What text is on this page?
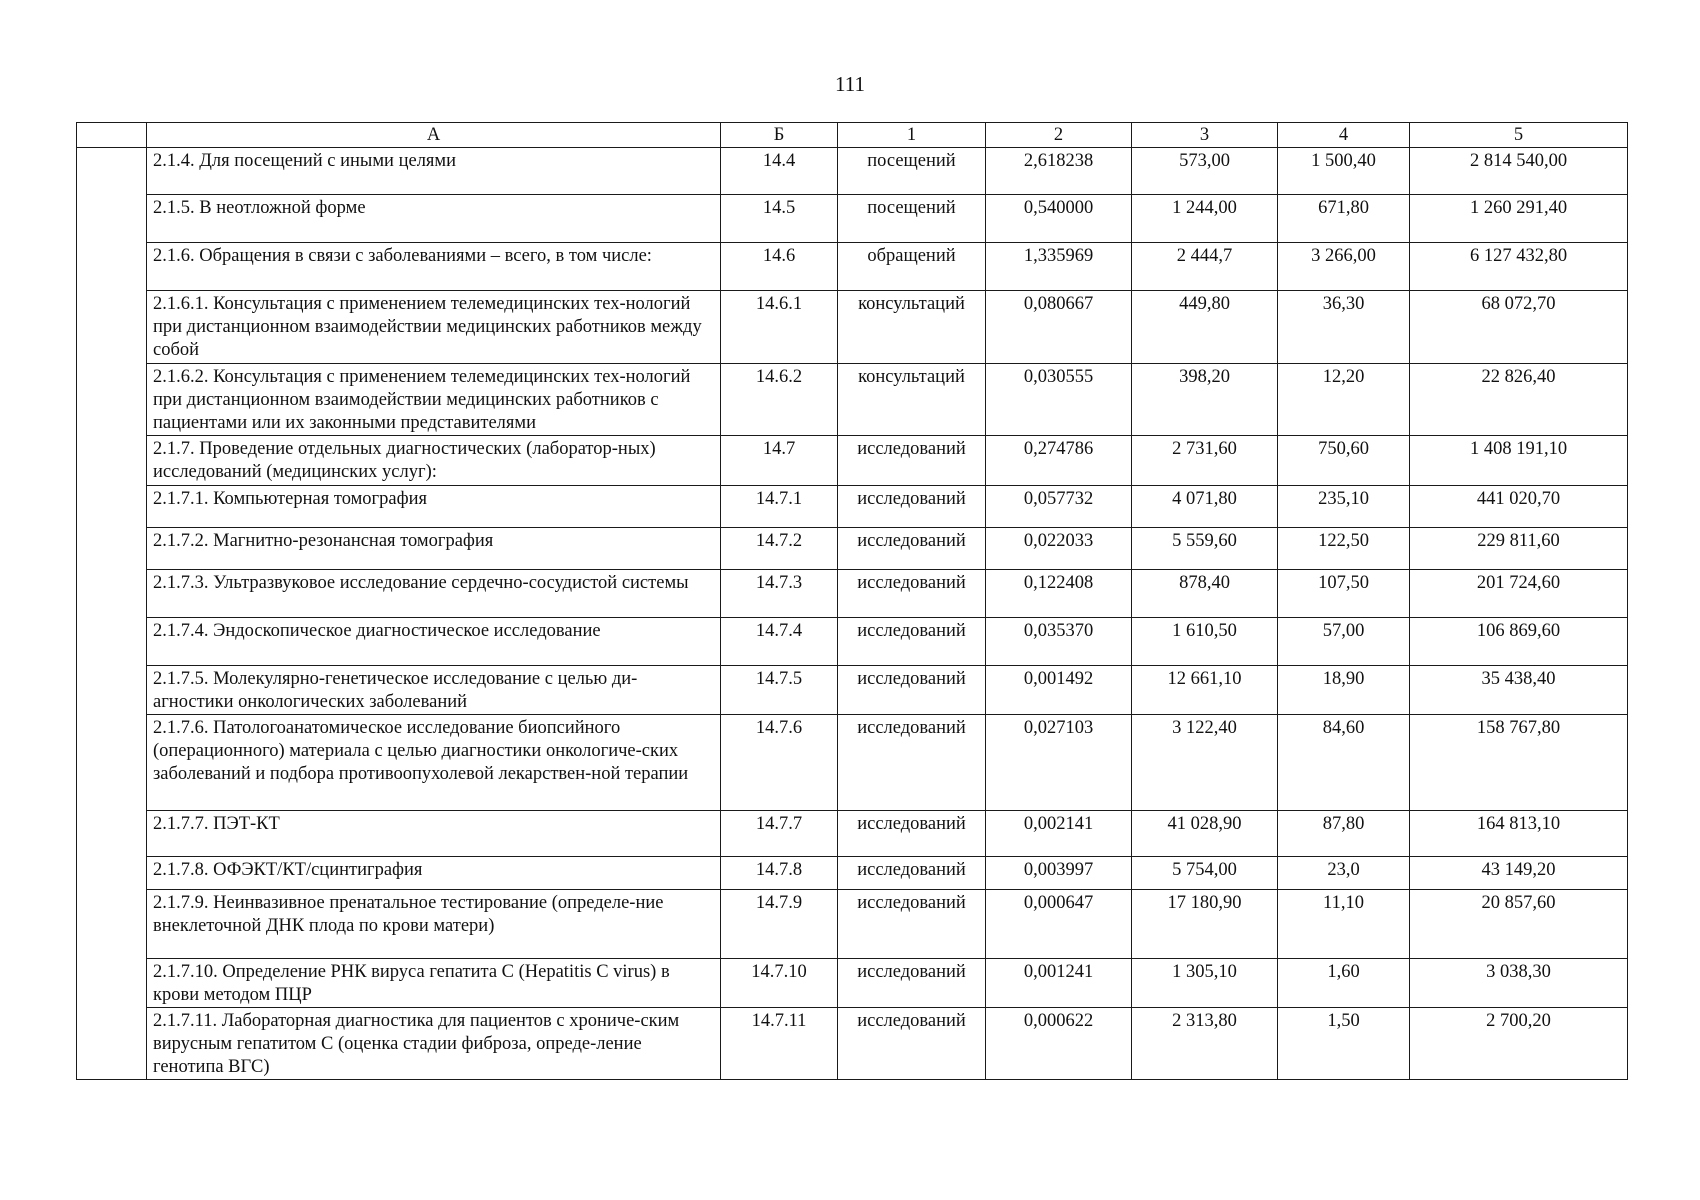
111
	А	Б	1	2	3	4	5
	2.1.4. Для посещений с иными целями	14.4	посещений	2,618238	573,00	1 500,40	2 814 540,00
	2.1.5. В неотложной форме	14.5	посещений	0,540000	1 244,00	671,80	1 260 291,40
	2.1.6. Обращения в связи с заболеваниями – всего, в том числе:	14.6	обращений	1,335969	2 444,7	3 266,00	6 127 432,80
	2.1.6.1. Консультация с применением телемедицинских тех-нологий при дистанционном взаимодействии медицинских работников между собой	14.6.1	консультаций	0,080667	449,80	36,30	68 072,70
	2.1.6.2. Консультация с применением телемедицинских тех-нологий при дистанционном взаимодействии медицинских работников с пациентами или их законными представителями	14.6.2	консультаций	0,030555	398,20	12,20	22 826,40
	2.1.7. Проведение отдельных диагностических (лаборатор-ных) исследований (медицинских услуг):	14.7	исследований	0,274786	2 731,60	750,60	1 408 191,10
	2.1.7.1. Компьютерная томография	14.7.1	исследований	0,057732	4 071,80	235,10	441 020,70
	2.1.7.2. Магнитно-резонансная томография	14.7.2	исследований	0,022033	5 559,60	122,50	229 811,60
	2.1.7.3. Ультразвуковое исследование сердечно-сосудистой системы	14.7.3	исследований	0,122408	878,40	107,50	201 724,60
	2.1.7.4. Эндоскопическое диагностическое исследование	14.7.4	исследований	0,035370	1 610,50	57,00	106 869,60
	2.1.7.5. Молекулярно-генетическое исследование с целью ди-агностики онкологических заболеваний	14.7.5	исследований	0,001492	12 661,10	18,90	35 438,40
	2.1.7.6. Патологоанатомическое исследование биопсийного (операционного) материала с целью диагностики онкологиче-ских заболеваний и подбора противоопухолевой лекарствен-ной терапии	14.7.6	исследований	0,027103	3 122,40	84,60	158 767,80
	2.1.7.7. ПЭТ-КТ	14.7.7	исследований	0,002141	41 028,90	87,80	164 813,10
	2.1.7.8. ОФЭКТ/КТ/сцинтиграфия	14.7.8	исследований	0,003997	5 754,00	23,0	43 149,20
	2.1.7.9. Неинвазивное пренатальное тестирование (определе-ние внеклеточной ДНК плода по крови матери)	14.7.9	исследований	0,000647	17 180,90	11,10	20 857,60
	2.1.7.10. Определение РНК вируса гепатита С (Hepatitis C virus) в крови методом ПЦР	14.7.10	исследований	0,001241	1 305,10	1,60	3 038,30
	2.1.7.11. Лабораторная диагностика для пациентов с хрониче-ским вирусным гепатитом С (оценка стадии фиброза, опреде-ление генотипа ВГС)	14.7.11	исследований	0,000622	2 313,80	1,50	2 700,20
